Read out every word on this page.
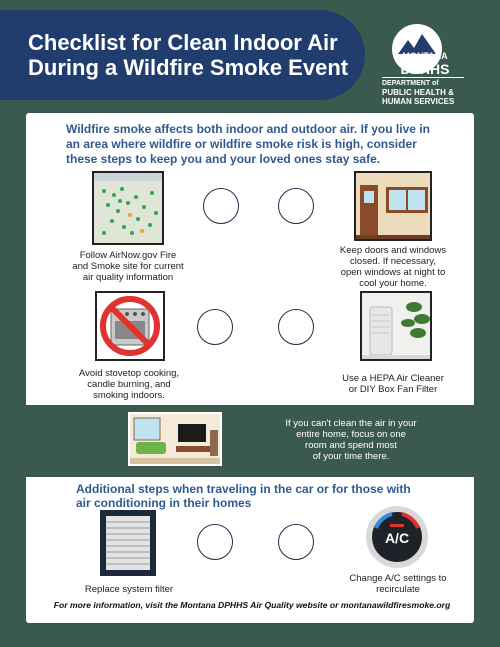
Checklist for Clean Indoor Air
During a Wildfire Smoke Event	MONTANA
DPHHS
DEPARTMENT of
PUBLIC HEALTH &
HUMAN SERVICES
Wildfire smoke affects both indoor and outdoor air. If you live in an area where wildfire or wildfire smoke risk is high, consider these steps to keep you and your loved ones stay safe.
Follow AirNow.gov Fire
and Smoke site for current
air quality information
Keep doors and windows
closed. If necessary,
open windows at night to
cool your home.
Avoid stovetop cooking,
candle burning, and
smoking indoors.
Use a HEPA Air Cleaner
or DIY Box Fan Filter
If you can't clean the air in your
entire home, focus on one
room and spend most
of your time there.
Additional steps when traveling in the car or for those with air conditioning in their homes
A/C
Replace system filter
Change A/C settings to
recirculate
For more information, visit the Montana DPHHS Air Quality website or montanawildfiresmoke.org
